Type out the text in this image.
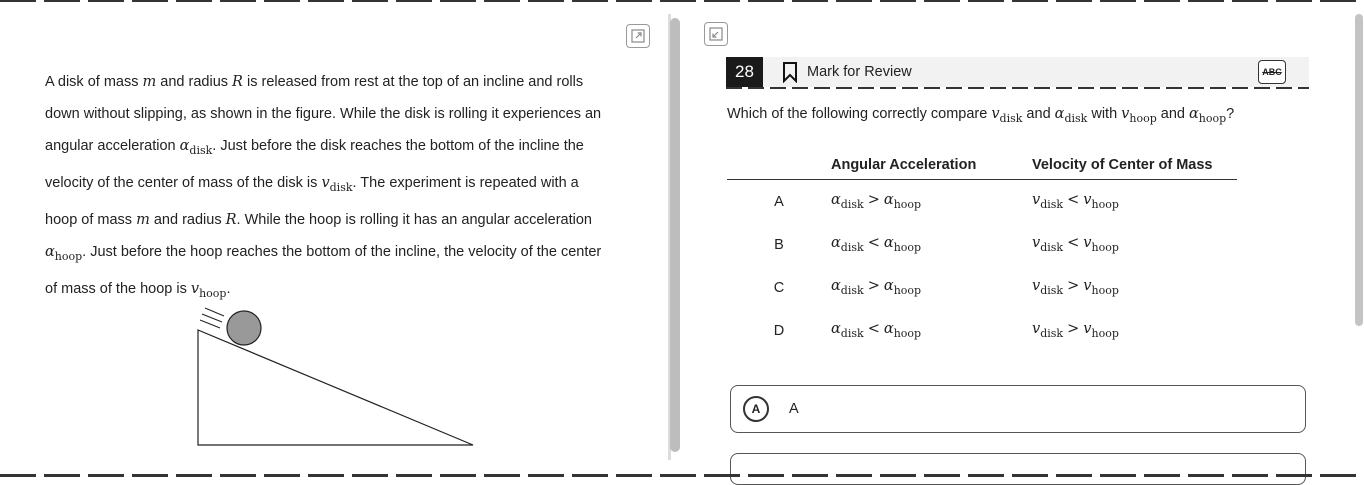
A disk of mass m and radius R is released from rest at the top of an incline and rolls down without slipping, as shown in the figure. While the disk is rolling it experiences an angular acceleration $\alpha_{disk}$. Just before the disk reaches the bottom of the incline the velocity of the center of mass of the disk is $v_{disk}$. The experiment is repeated with a hoop of mass m and radius R. While the hoop is rolling it has an angular acceleration $\alpha_{hoop}$. Just before the hoop reaches the bottom of the incline, the velocity of the center of mass of the hoop is $v_{hoop}$.

28	Mark for Review	ABC
Which of the following correctly compare $v_{disk}$ and $\alpha_{disk}$ with $v_{hoop}$ and $\alpha_{hoop}$?
	Angular Acceleration	Velocity of Center of Mass
A	$\alpha_{disk} > \alpha_{hoop}$	$v_{disk} < v_{hoop}$
B	$\alpha_{disk} < \alpha_{hoop}$	$v_{disk} < v_{hoop}$
C	$\alpha_{disk} > \alpha_{hoop}$	$v_{disk} > v_{hoop}$
D	$\alpha_{disk} < \alpha_{hoop}$	$v_{disk} > v_{hoop}$
A	A
